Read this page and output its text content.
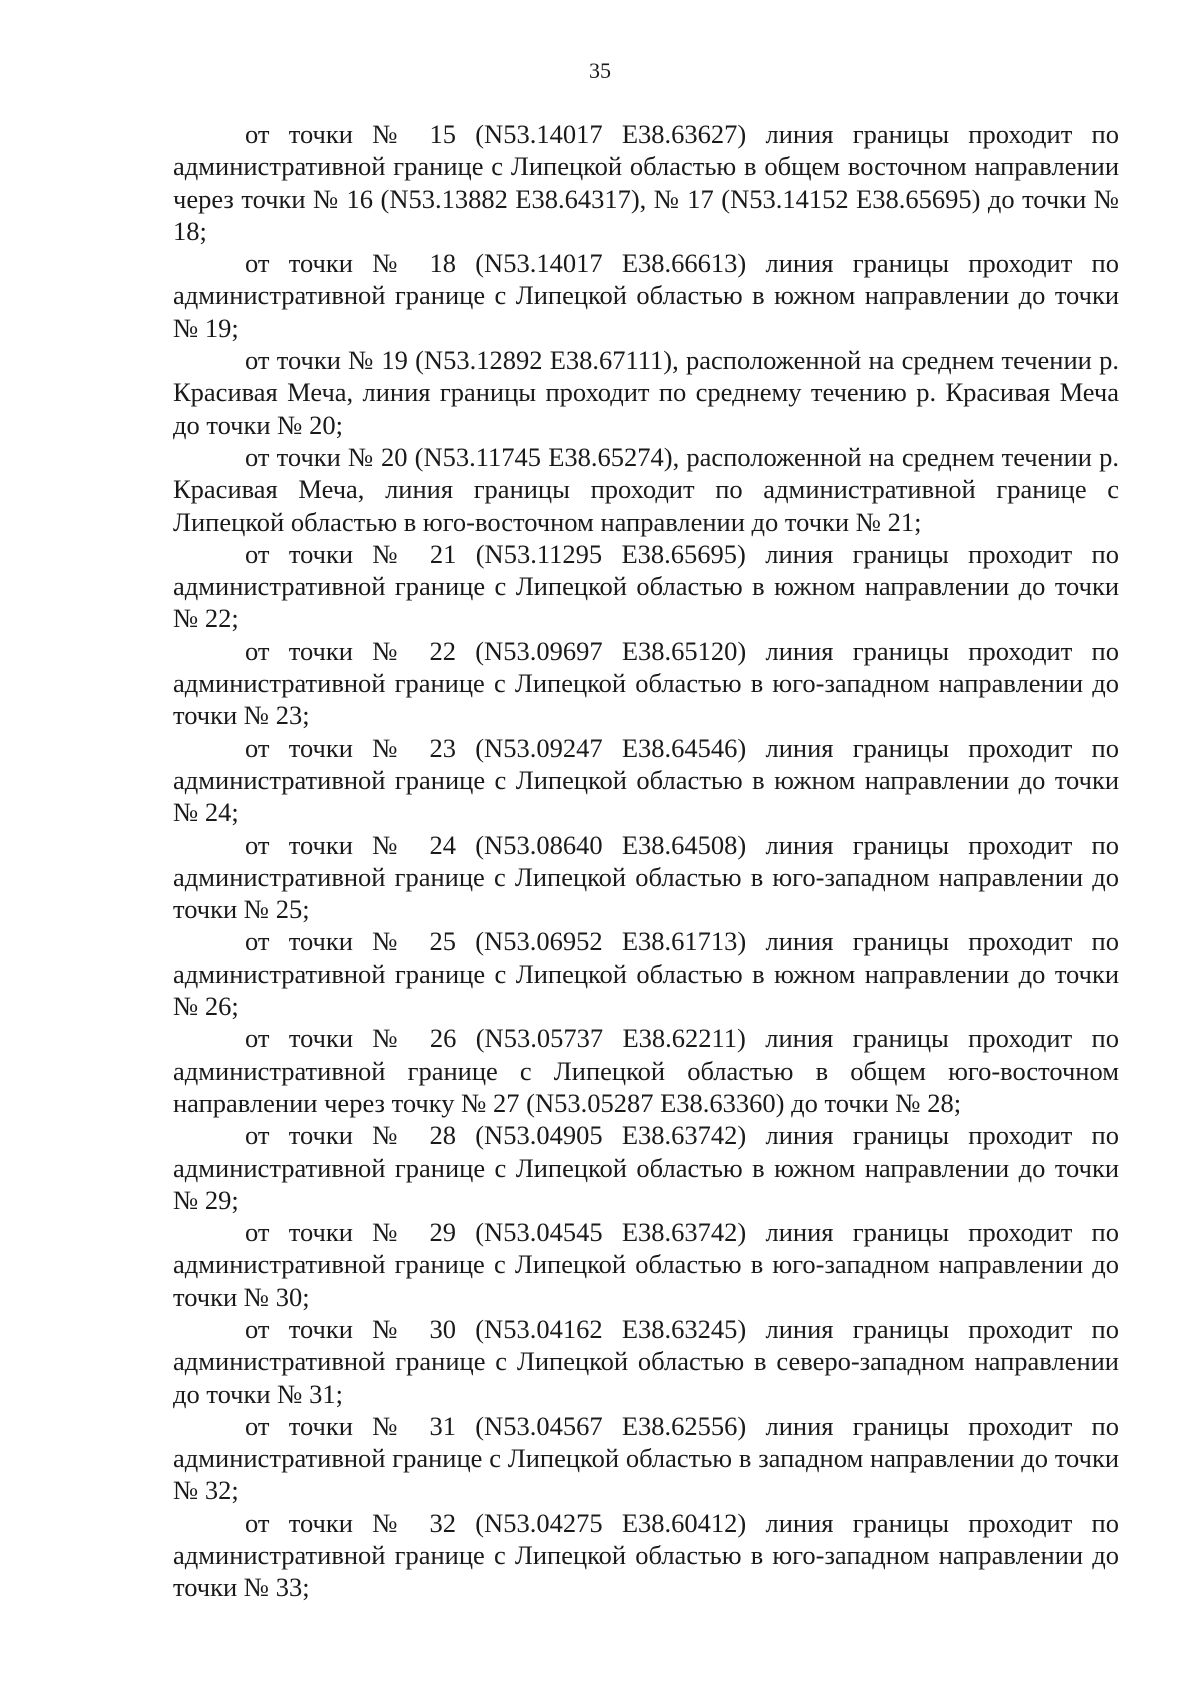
35

от точки № 15 (N53.14017 E38.63627) линия границы проходит по административной границе с Липецкой областью в общем восточном направлении через точки № 16 (N53.13882 E38.64317), № 17 (N53.14152 E38.65695) до точки № 18;

от точки № 18 (N53.14017 E38.66613) линия границы проходит по административной границе с Липецкой областью в южном направлении до точки № 19;

от точки № 19 (N53.12892 E38.67111), расположенной на среднем течении р. Красивая Меча, линия границы проходит по среднему течению р. Красивая Меча до точки № 20;

от точки № 20 (N53.11745 E38.65274), расположенной на среднем течении р. Красивая Меча, линия границы проходит по административной границе с Липецкой областью в юго-восточном направлении до точки № 21;

от точки № 21 (N53.11295 E38.65695) линия границы проходит по административной границе с Липецкой областью в южном направлении до точки № 22;

от точки № 22 (N53.09697 E38.65120) линия границы проходит по административной границе с Липецкой областью в юго-западном направлении до точки № 23;

от точки № 23 (N53.09247 E38.64546) линия границы проходит по административной границе с Липецкой областью в южном направлении до точки № 24;

от точки № 24 (N53.08640 E38.64508) линия границы проходит по административной границе с Липецкой областью в юго-западном направлении до точки № 25;

от точки № 25 (N53.06952 E38.61713) линия границы проходит по административной границе с Липецкой областью в южном направлении до точки № 26;

от точки № 26 (N53.05737 E38.62211) линия границы проходит по административной границе с Липецкой областью в общем юго-восточном направлении через точку № 27 (N53.05287 E38.63360) до точки № 28;

от точки № 28 (N53.04905 E38.63742) линия границы проходит по административной границе с Липецкой областью в южном направлении до точки № 29;

от точки № 29 (N53.04545 E38.63742) линия границы проходит по административной границе с Липецкой областью в юго-западном направлении до точки № 30;

от точки № 30 (N53.04162 E38.63245) линия границы проходит по административной границе с Липецкой областью в северо-западном направлении до точки № 31;

от точки № 31 (N53.04567 E38.62556) линия границы проходит по административной границе с Липецкой областью в западном направлении до точки № 32;

от точки № 32 (N53.04275 E38.60412) линия границы проходит по административной границе с Липецкой областью в юго-западном направлении до точки № 33;
